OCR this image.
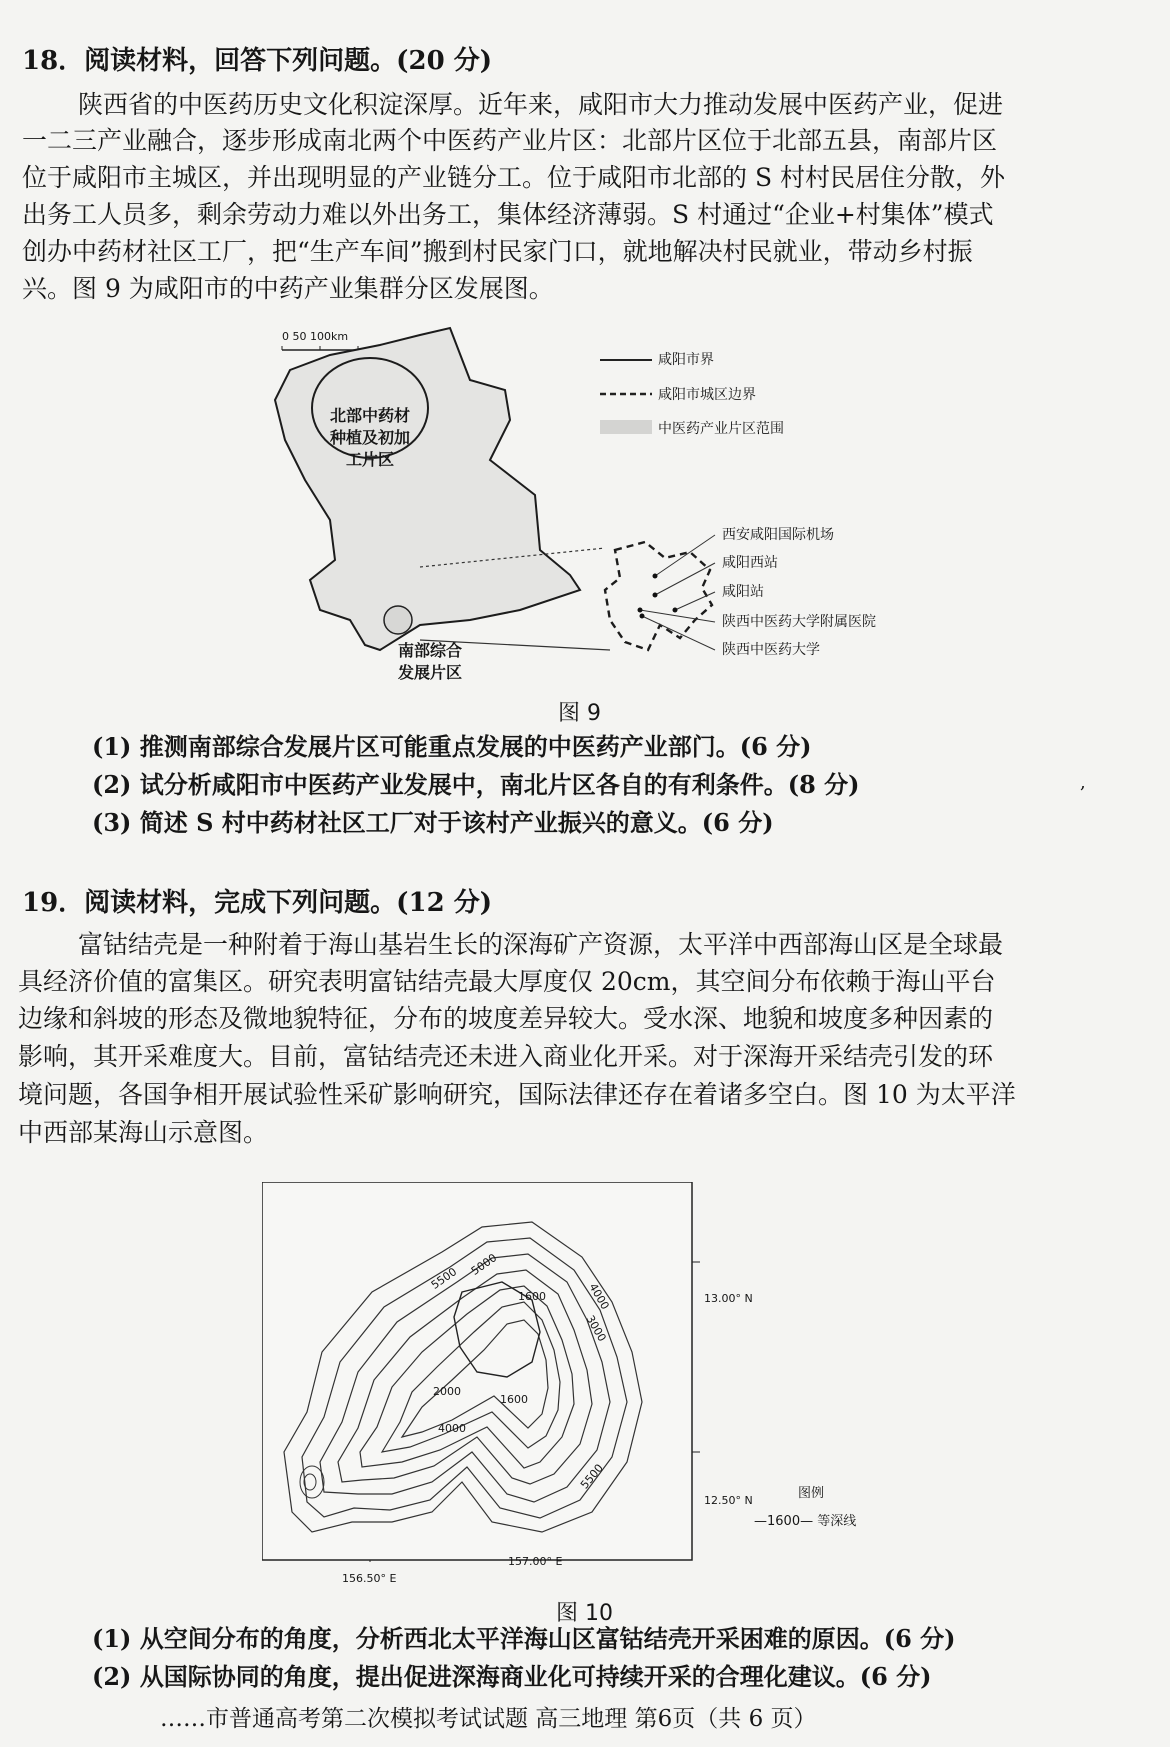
18．阅读材料，回答下列问题。(20 分)
陕西省的中医药历史文化积淀深厚。近年来，咸阳市大力推动发展中医药产业，促进
一二三产业融合，逐步形成南北两个中医药产业片区：北部片区位于北部五县，南部片区
位于咸阳市主城区，并出现明显的产业链分工。位于咸阳市北部的 S 村村民居住分散，外
出务工人员多，剩余劳动力难以外出务工，集体经济薄弱。S 村通过“企业+村集体”模式
创办中药材社区工厂，把“生产车间”搬到村民家门口，就地解决村民就业，带动乡村振
兴。图 9 为咸阳市的中药产业集群分区发展图。
0 50 100km
咸阳市界
咸阳市城区边界
中医药产业片区范围
北部中药材
种植及初加
工片区
南部综合
发展片区
西安咸阳国际机场
咸阳西站
咸阳站
陕西中医药大学附属医院
陕西中医药大学
图 9
(1) 推测南部综合发展片区可能重点发展的中医药产业部门。(6 分)
(2) 试分析咸阳市中医药产业发展中，南北片区各自的有利条件。(8 分)
(3) 简述 S 村中药材社区工厂对于该村产业振兴的意义。(6 分)
,
19．阅读材料，完成下列问题。(12 分)
富钴结壳是一种附着于海山基岩生长的深海矿产资源，太平洋中西部海山区是全球最
具经济价值的富集区。研究表明富钴结壳最大厚度仅 20cm，其空间分布依赖于海山平台
边缘和斜坡的形态及微地貌特征，分布的坡度差异较大。受水深、地貌和坡度多种因素的
影响，其开采难度大。目前，富钴结壳还未进入商业化开采。对于深海开采结壳引发的环
境问题，各国争相开展试验性采矿影响研究，国际法律还存在着诸多空白。图 10 为太平洋
中西部某海山示意图。
5500
5000
4000
3000
1600
2000
1600
4000
5500
13.00° N
12.50° N
156.50° E
157.00° E
图例
—1600— 等深线
图 10
(1) 从空间分布的角度，分析西北太平洋海山区富钴结壳开采困难的原因。(6 分)
(2) 从国际协同的角度，提出促进深海商业化可持续开采的合理化建议。(6 分)
……市普通高考第二次模拟考试试题 高三地理 第6页（共 6 页）
